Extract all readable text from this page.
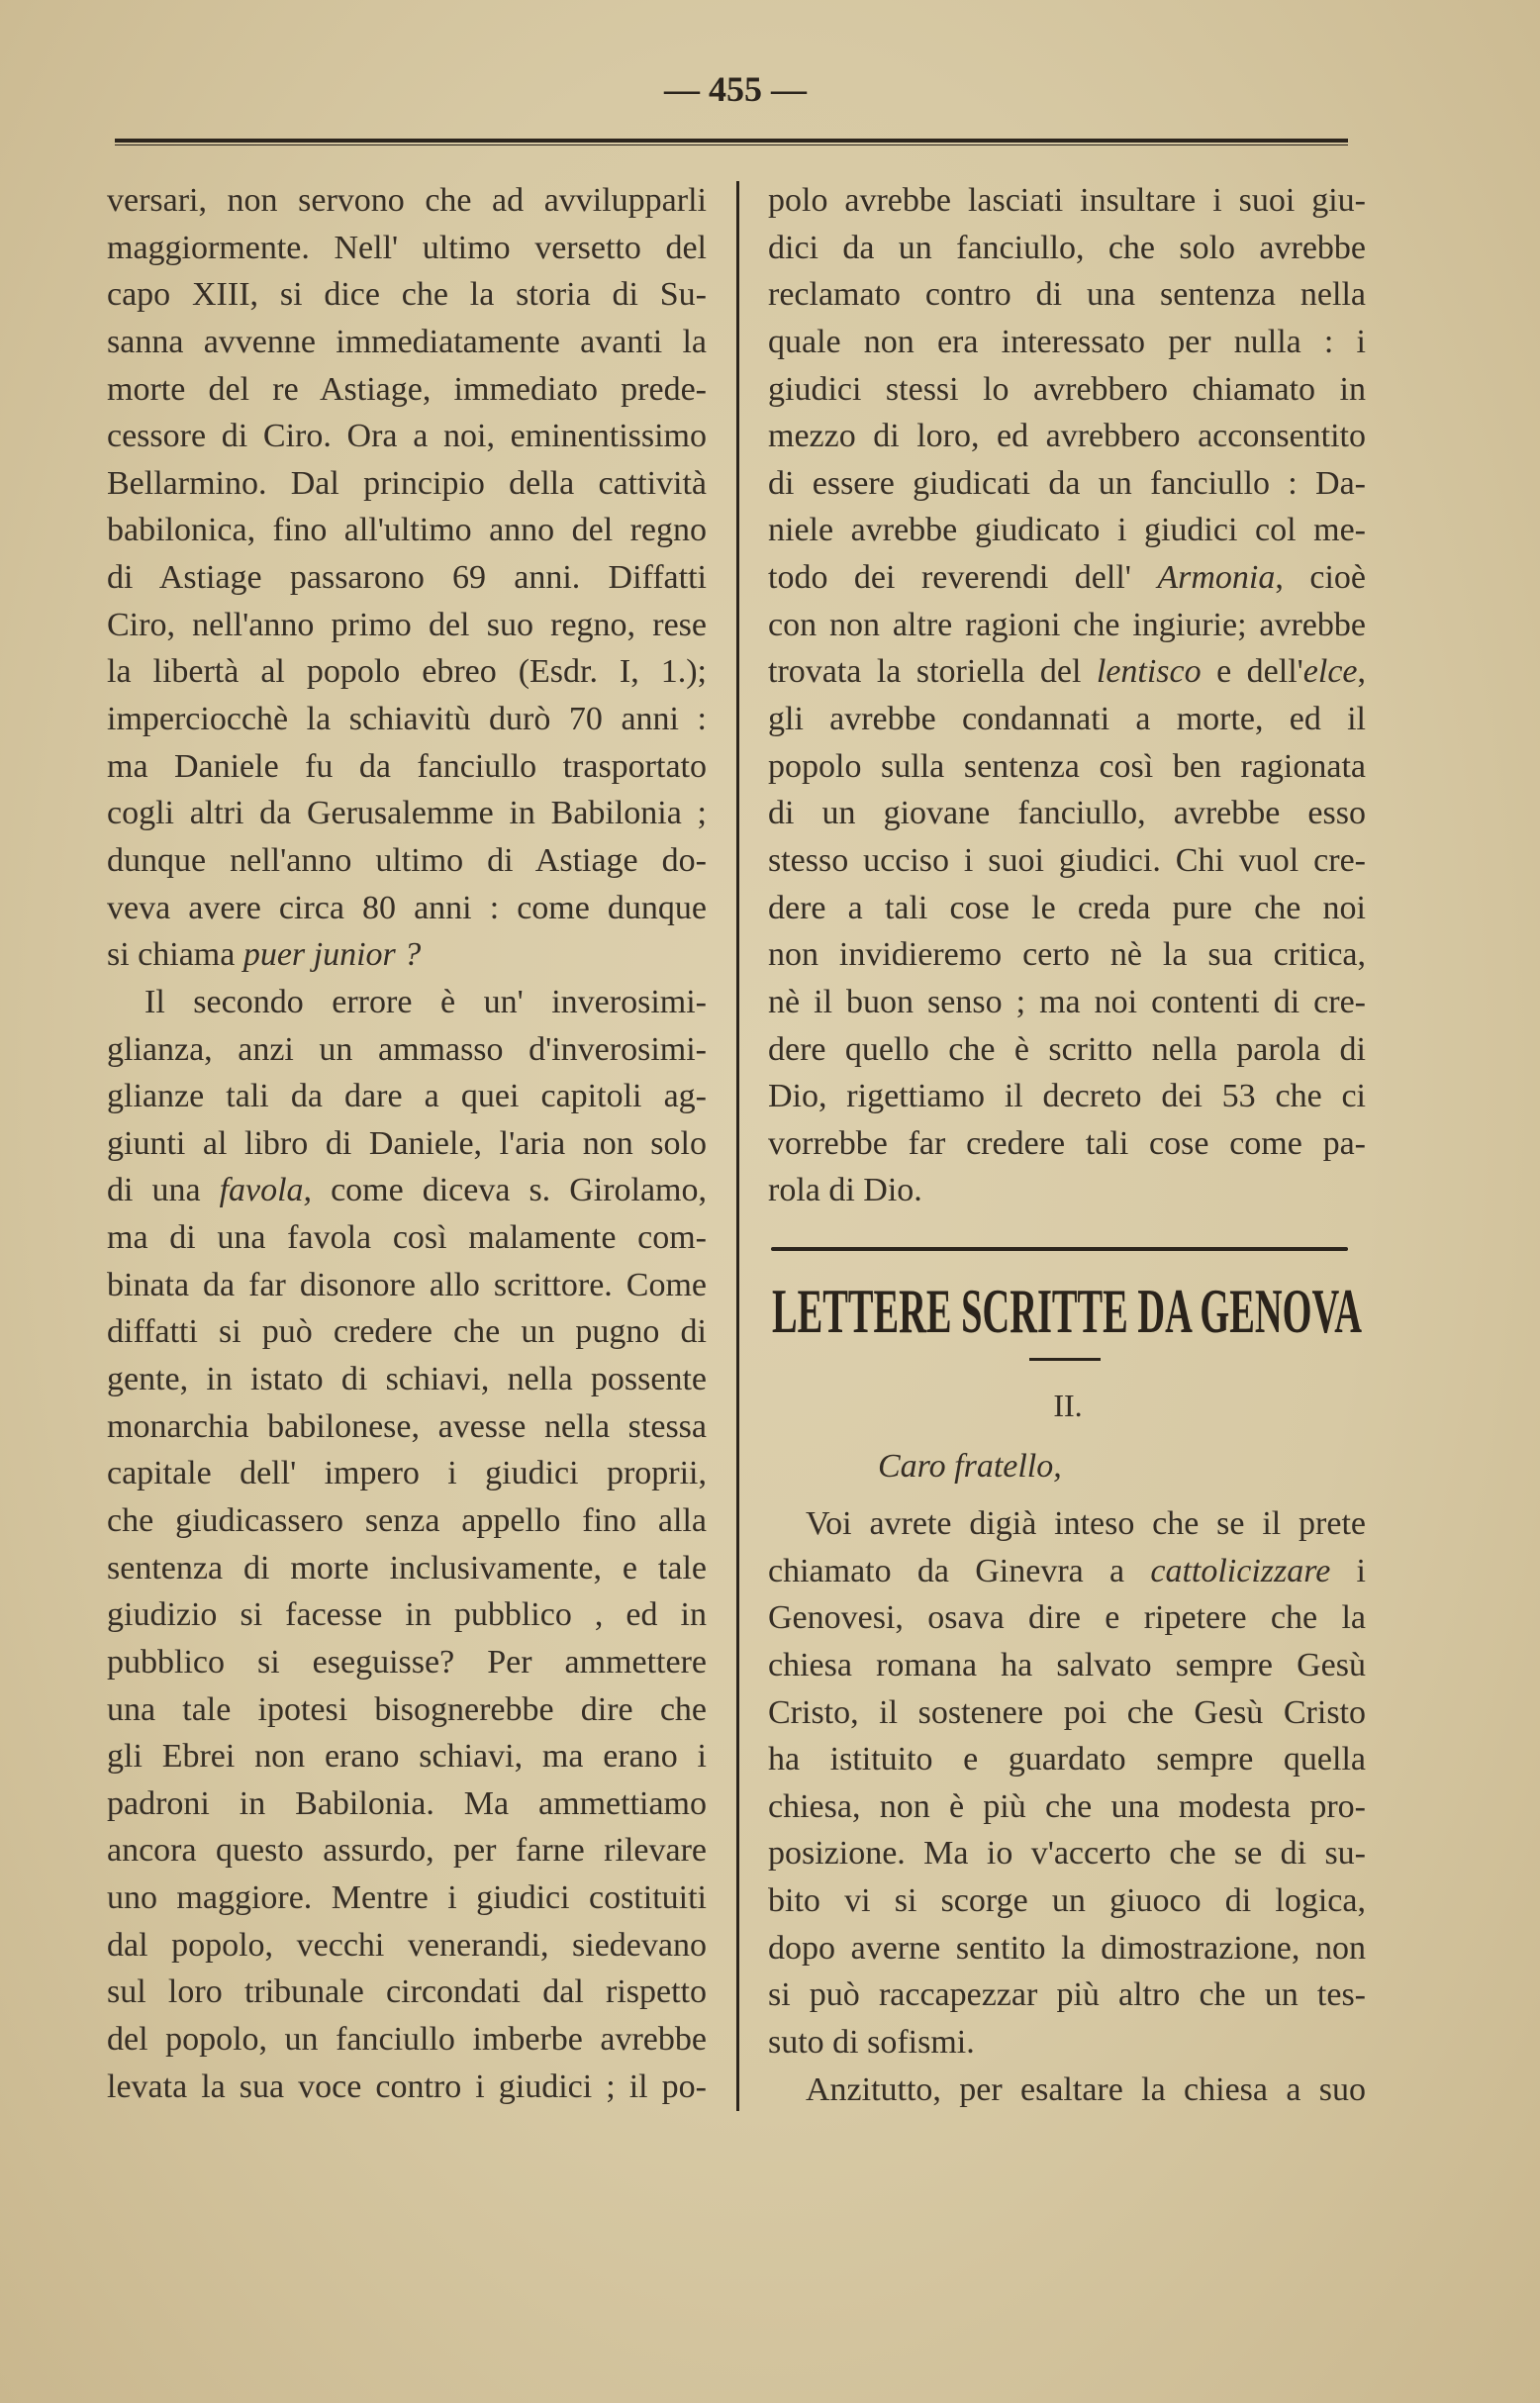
— 455 —
versari, non servono che ad avvilupparli
maggiormente. Nell' ultimo versetto del
capo XIII, si dice che la storia di Su-
sanna avvenne immediatamente avanti la
morte del re Astiage, immediato prede-
cessore di Ciro. Ora a noi, eminentissimo
Bellarmino. Dal principio della cattività
babilonica, fino all'ultimo anno del regno
di Astiage passarono 69 anni. Diffatti
Ciro, nell'anno primo del suo regno, rese
la libertà al popolo ebreo (Esdr. I, 1.);
imperciocchè la schiavitù durò 70 anni :
ma Daniele fu da fanciullo trasportato
cogli altri da Gerusalemme in Babilonia ;
dunque nell'anno ultimo di Astiage do-
veva avere circa 80 anni : come dunque
si chiama puer junior ?
Il secondo errore è un' inverosimi-
glianza, anzi un ammasso d'inverosimi-
glianze tali da dare a quei capitoli ag-
giunti al libro di Daniele, l'aria non solo
di una favola, come diceva s. Girolamo,
ma di una favola così malamente com-
binata da far disonore allo scrittore. Come
diffatti si può credere che un pugno di
gente, in istato di schiavi, nella possente
monarchia babilonese, avesse nella stessa
capitale dell' impero i giudici proprii,
che giudicassero senza appello fino alla
sentenza di morte inclusivamente, e tale
giudizio si facesse in pubblico , ed in
pubblico si eseguisse? Per ammettere
una tale ipotesi bisognerebbe dire che
gli Ebrei non erano schiavi, ma erano i
padroni in Babilonia. Ma ammettiamo
ancora questo assurdo, per farne rilevare
uno maggiore. Mentre i giudici costituiti
dal popolo, vecchi venerandi, siedevano
sul loro tribunale circondati dal rispetto
del popolo, un fanciullo imberbe avrebbe
levata la sua voce contro i giudici ; il po-
polo avrebbe lasciati insultare i suoi giu-
dici da un fanciullo, che solo avrebbe
reclamato contro di una sentenza nella
quale non era interessato per nulla : i
giudici stessi lo avrebbero chiamato in
mezzo di loro, ed avrebbero acconsentito
di essere giudicati da un fanciullo : Da-
niele avrebbe giudicato i giudici col me-
todo dei reverendi dell' Armonia, cioè
con non altre ragioni che ingiurie; avrebbe
trovata la storiella del lentisco e dell'elce,
gli avrebbe condannati a morte, ed il
popolo sulla sentenza così ben ragionata
di un giovane fanciullo, avrebbe esso
stesso ucciso i suoi giudici. Chi vuol cre-
dere a tali cose le creda pure che noi
non invidieremo certo nè la sua critica,
nè il buon senso ; ma noi contenti di cre-
dere quello che è scritto nella parola di
Dio, rigettiamo il decreto dei 53 che ci
vorrebbe far credere tali cose come pa-
rola di Dio.
LETTERE SCRITTE DA GENOVA
II.
Caro fratello,
Voi avrete digià inteso che se il prete
chiamato da Ginevra a cattolicizzare i
Genovesi, osava dire e ripetere che la
chiesa romana ha salvato sempre Gesù
Cristo, il sostenere poi che Gesù Cristo
ha istituito e guardato sempre quella
chiesa, non è più che una modesta pro-
posizione. Ma io v'accerto che se di su-
bito vi si scorge un giuoco di logica,
dopo averne sentito la dimostrazione, non
si può raccapezzar più altro che un tes-
suto di sofismi.
Anzitutto, per esaltare la chiesa a suo
